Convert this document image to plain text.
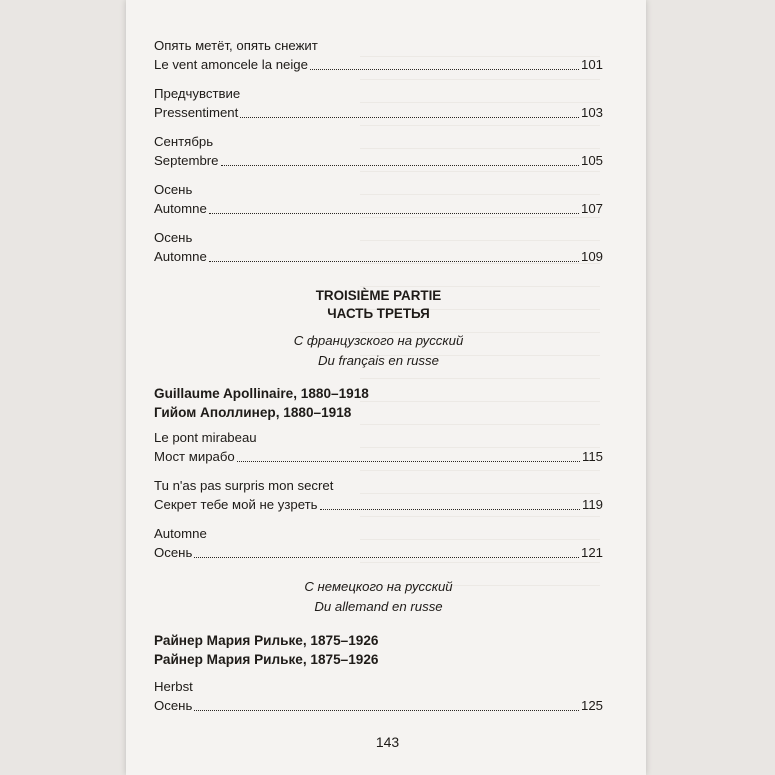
Опять метёт, опять снежит
Le vent amoncele la neige	101
Предчувствие
Pressentiment	103
Сентябрь
Septembre	105
Осень
Automne	107
Осень
Automne	109
TROISIÈME PARTIE
ЧАСТЬ ТРЕТЬЯ
С французского на русский
Du français en russe
Guillaume Apollinaire, 1880–1918
Гийом Аполлинер, 1880–1918
Le pont mirabeau
Мост мирабо	115
Tu n'as pas surpris mon secret
Секрет тебе мой не узреть	119
Automne
Осень	121
С немецкого на русский
Du allemand en russe
Райнер Мария Рильке, 1875–1926
Райнер Мария Рильке, 1875–1926
Herbst
Осень	125
143
